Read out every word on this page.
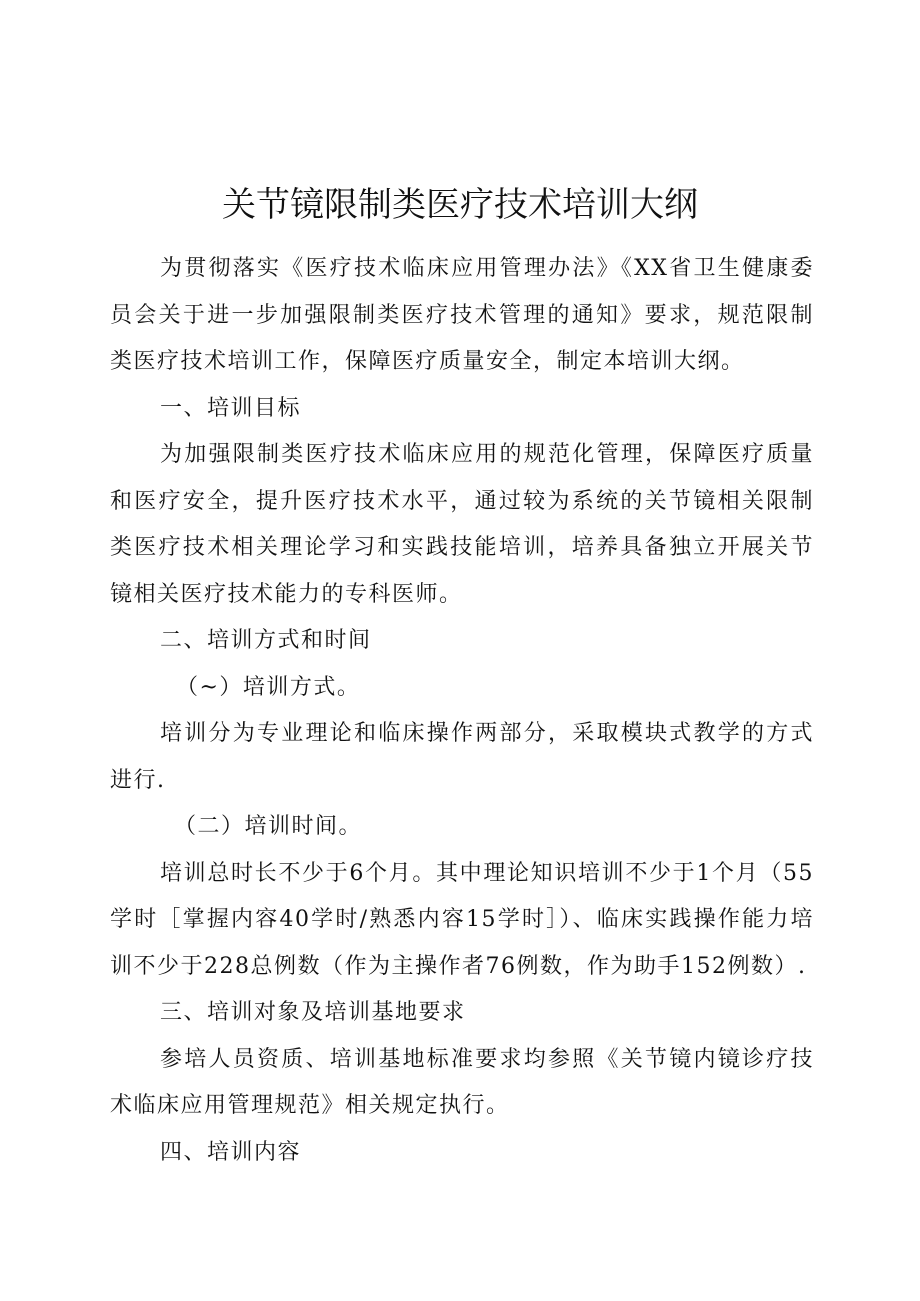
关节镜限制类医疗技术培训大纲

为贯彻落实《医疗技术临床应用管理办法》《XX省卫生健康委员会关于进一步加强限制类医疗技术管理的通知》要求，规范限制类医疗技术培训工作，保障医疗质量安全，制定本培训大纲。

一、培训目标

为加强限制类医疗技术临床应用的规范化管理，保障医疗质量和医疗安全，提升医疗技术水平，通过较为系统的关节镜相关限制类医疗技术相关理论学习和实践技能培训，培养具备独立开展关节镜相关医疗技术能力的专科医师。

二、培训方式和时间

（~）培训方式。

培训分为专业理论和临床操作两部分，采取模块式教学的方式进行.

（二）培训时间。

培训总时长不少于6个月。其中理论知识培训不少于1个月（55学时［掌握内容40学时/熟悉内容15学时］）、临床实践操作能力培训不少于228总例数（作为主操作者76例数，作为助手152例数）.

三、培训对象及培训基地要求

参培人员资质、培训基地标准要求均参照《关节镜内镜诊疗技术临床应用管理规范》相关规定执行。

四、培训内容
